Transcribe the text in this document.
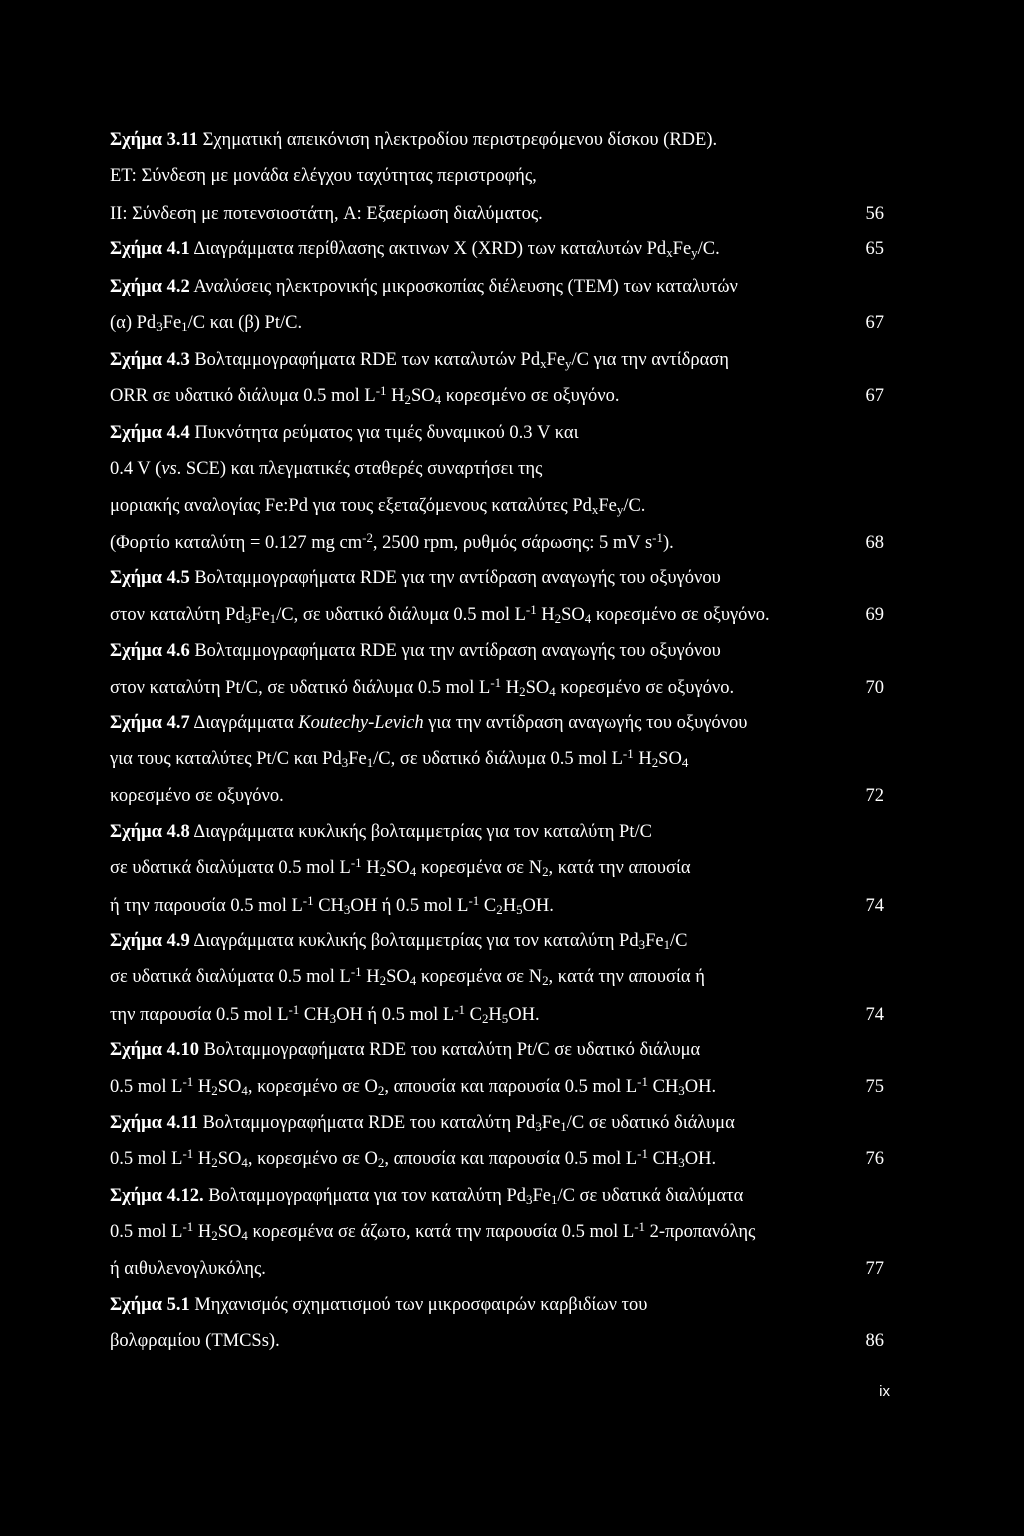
Σχήμα 3.11 Σχηματική απεικόνιση ηλεκτροδίου περιστρεφόμενου δίσκου (RDE).
ET: Σύνδεση με μονάδα ελέγχου ταχύτητας περιστροφής,
II: Σύνδεση με ποτενσιοστάτη, A: Εξαερίωση διαλύματος.	56
Σχήμα 4.1 Διαγράμματα περίθλασης ακτινων X (XRD) των καταλυτών $Pd_xFe_y/C$.	65
Σχήμα 4.2 Αναλύσεις ηλεκτρονικής μικροσκοπίας διέλευσης (TEM) των καταλυτών
(α) $Pd_3Fe_1/C$ και (β) Pt/C.	67
Σχήμα 4.3 Βολταμμογραφήματα RDE των καταλυτών $Pd_xFe_y/C$ για την αντίδραση
ORR σε υδατικό διάλυμα 0.5 mol $L^{-1}$ $H_2SO_4$ κορεσμένο σε οξυγόνο.	67
Σχήμα 4.4 Πυκνότητα ρεύματος για τιμές δυναμικού 0.3 V και
0.4 V (vs. SCE) και πλεγματικές σταθερές συναρτήσει της
μοριακής αναλογίας Fe:Pd για τους εξεταζόμενους καταλύτες $Pd_xFe_y/C$.
(Φορτίο καταλύτη = 0.127 mg $cm^{-2}$, 2500 rpm, ρυθμός σάρωσης: 5 mV $s^{-1}$).	68
Σχήμα 4.5 Βολταμμογραφήματα RDE για την αντίδραση αναγωγής του οξυγόνου
στον καταλύτη $Pd_3Fe_1/C$, σε υδατικό διάλυμα 0.5 mol $L^{-1}$ $H_2SO_4$ κορεσμένο σε οξυγόνο.	69
Σχήμα 4.6 Βολταμμογραφήματα RDE για την αντίδραση αναγωγής του οξυγόνου
στον καταλύτη Pt/C, σε υδατικό διάλυμα 0.5 mol $L^{-1}$ $H_2SO_4$ κορεσμένο σε οξυγόνο.	70
Σχήμα 4.7 Διαγράμματα Koutechy-Levich για την αντίδραση αναγωγής του οξυγόνου
για τους καταλύτες Pt/C και $Pd_3Fe_1/C$, σε υδατικό διάλυμα 0.5 mol $L^{-1}$ $H_2SO_4$
κορεσμένο σε οξυγόνο.	72
Σχήμα 4.8 Διαγράμματα κυκλικής βολταμμετρίας για τον καταλύτη Pt/C
σε υδατικά διαλύματα 0.5 mol $L^{-1}$ $H_2SO_4$ κορεσμένα σε $N_2$, κατά την απουσία
ή την παρουσία 0.5 mol $L^{-1}$ $CH_3OH$ ή 0.5 mol $L^{-1}$ $C_2H_5OH$.	74
Σχήμα 4.9 Διαγράμματα κυκλικής βολταμμετρίας για τον καταλύτη $Pd_3Fe_1/C$
σε υδατικά διαλύματα 0.5 mol $L^{-1}$ $H_2SO_4$ κορεσμένα σε $N_2$, κατά την απουσία ή
την παρουσία 0.5 mol $L^{-1}$ $CH_3OH$ ή 0.5 mol $L^{-1}$ $C_2H_5OH$.	74
Σχήμα 4.10 Βολταμμογραφήματα RDE του καταλύτη Pt/C σε υδατικό διάλυμα
0.5 mol $L^{-1}$ $H_2SO_4$, κορεσμένο σε $O_2$, απουσία και παρουσία 0.5 mol $L^{-1}$ $CH_3OH$.	75
Σχήμα 4.11 Βολταμμογραφήματα RDE του καταλύτη $Pd_3Fe_1/C$ σε υδατικό διάλυμα
0.5 mol $L^{-1}$ $H_2SO_4$, κορεσμένο σε $O_2$, απουσία και παρουσία 0.5 mol $L^{-1}$ $CH_3OH$.	76
Σχήμα 4.12. Βολταμμογραφήματα για τον καταλύτη $Pd_3Fe_1/C$ σε υδατικά διαλύματα
0.5 mol $L^{-1}$ $H_2SO_4$ κορεσμένα σε άζωτο, κατά την παρουσία 0.5 mol $L^{-1}$ 2-προπανόλης
ή αιθυλενογλυκόλης.	77
Σχήμα 5.1 Μηχανισμός σχηματισμού των μικροσφαιρών καρβιδίων του
βολφραμίου (TMCSs).	86
ix
